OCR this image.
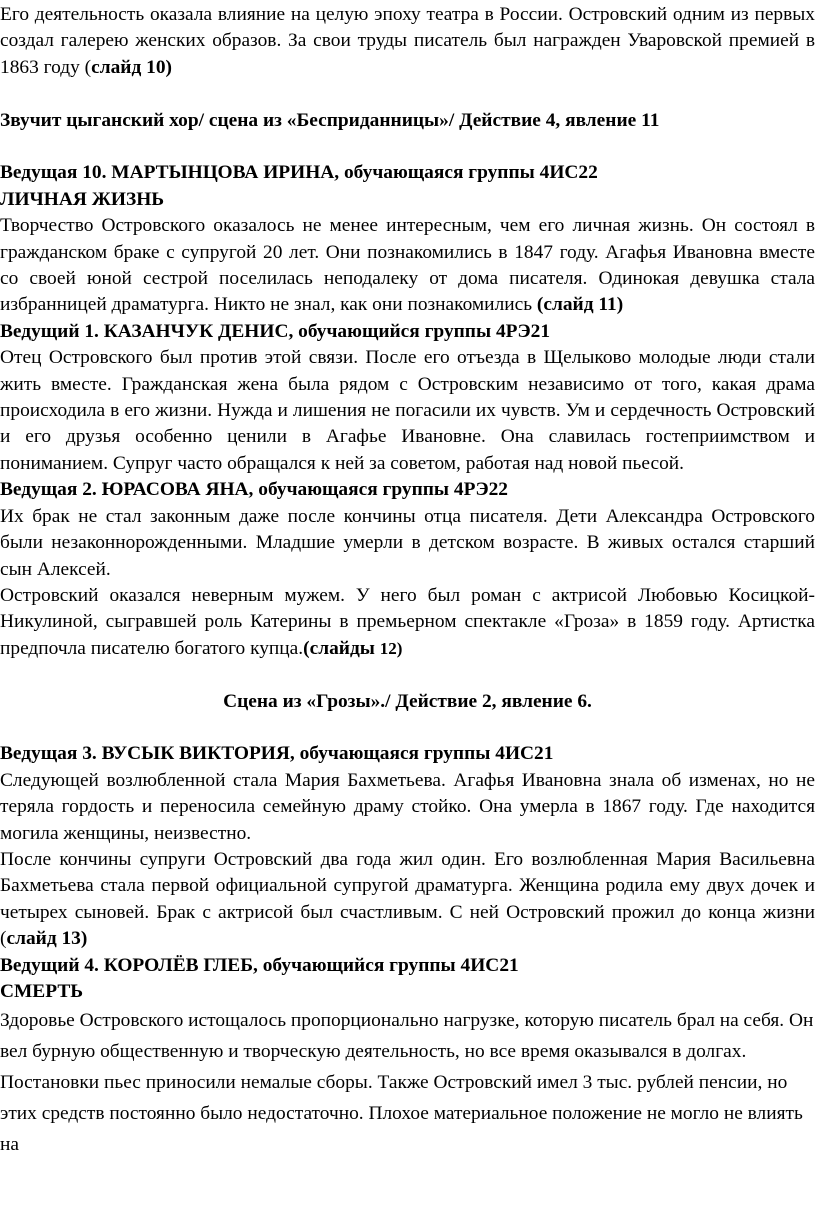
Его деятельность оказала влияние на целую эпоху театра в России. Островский одним из первых создал галерею женских образов. За свои труды писатель был награжден Уваровской премией в 1863 году (слайд 10)

Звучит цыганский хор/ сцена из «Бесприданницы»/ Действие 4, явление 11

Ведущая 10. МАРТЫНЦОВА ИРИНА, обучающаяся группы 4ИС22

ЛИЧНАЯ ЖИЗНЬ

Творчество Островского оказалось не менее интересным, чем его личная жизнь. Он состоял в гражданском браке с супругой 20 лет. Они познакомились в 1847 году. Агафья Ивановна вместе со своей юной сестрой поселилась неподалеку от дома писателя. Одинокая девушка стала избранницей драматурга. Никто не знал, как они познакомились (слайд 11)

Ведущий 1. КАЗАНЧУК ДЕНИС, обучающийся группы 4РЭ21

Отец Островского был против этой связи. После его отъезда в Щелыково молодые люди стали жить вместе. Гражданская жена была рядом с Островским независимо от того, какая драма происходила в его жизни. Нужда и лишения не погасили их чувств. Ум и сердечность Островский и его друзья особенно ценили в Агафье Ивановне. Она славилась гостеприимством и пониманием. Супруг часто обращался к ней за советом, работая над новой пьесой.

Ведущая 2. ЮРАСОВА ЯНА, обучающаяся группы 4РЭ22

Их брак не стал законным даже после кончины отца писателя. Дети Александра Островского были незаконнорожденными. Младшие умерли в детском возрасте. В живых остался старший сын Алексей.

Островский оказался неверным мужем. У него был роман с актрисой Любовью Косицкой-Никулиной, сыгравшей роль Катерины в премьерном спектакле «Гроза» в 1859 году. Артистка предпочла писателю богатого купца.(слайды 12)

Сцена из «Грозы»./ Действие 2, явление 6.

Ведущая 3. ВУСЫК ВИКТОРИЯ, обучающаяся группы 4ИС21

Следующей возлюбленной стала Мария Бахметьева. Агафья Ивановна знала об изменах, но не теряла гордость и переносила семейную драму стойко. Она умерла в 1867 году. Где находится могила женщины, неизвестно.

После кончины супруги Островский два года жил один. Его возлюбленная Мария Васильевна Бахметьева стала первой официальной супругой драматурга. Женщина родила ему двух дочек и четырех сыновей. Брак с актрисой был счастливым. С ней Островский прожил до конца жизни (слайд 13)

Ведущий 4. КОРОЛЁВ ГЛЕБ, обучающийся группы 4ИС21

СМЕРТЬ

Здоровье Островского истощалось пропорционально нагрузке, которую писатель брал на себя. Он вел бурную общественную и творческую деятельность, но все время оказывался в долгах. Постановки пьес приносили немалые сборы. Также Островский имел 3 тыс. рублей пенсии, но этих средств постоянно было недостаточно. Плохое материальное положение не могло не влиять на
